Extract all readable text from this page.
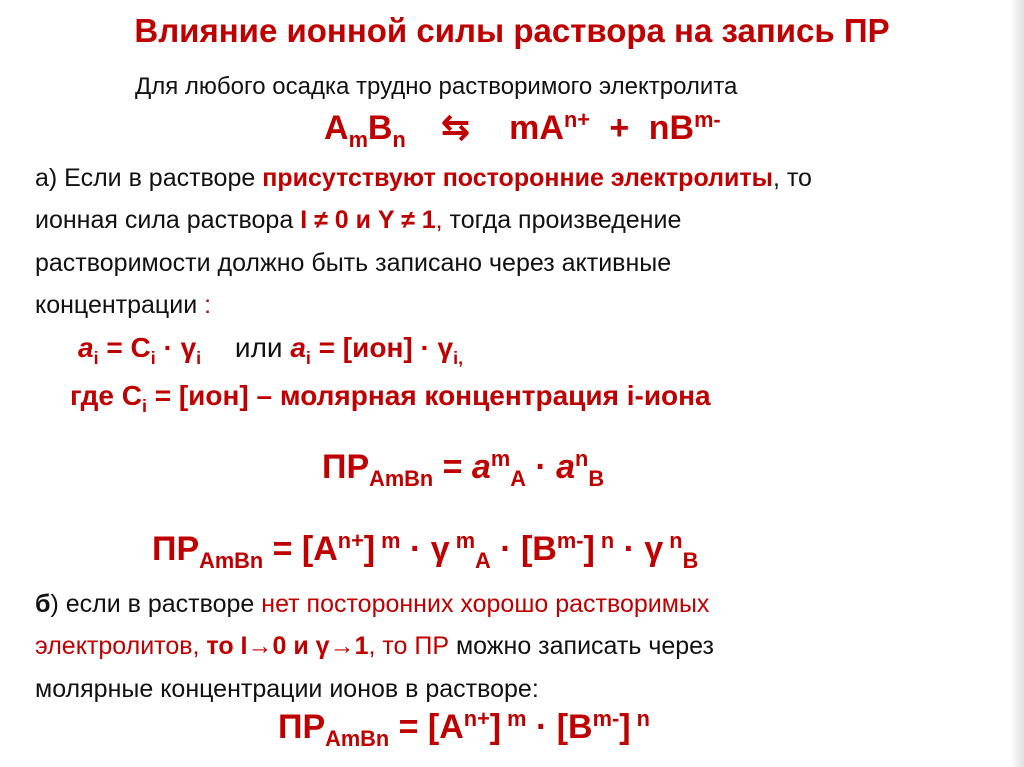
Влияние ионной силы раствора на запись ПР
Для любого осадка трудно растворимого электролита
$A_mB_n$ ⇆ $mA^{n+} + nB^{m-}$
а) Если в растворе присутствуют посторонние электролиты, то
ионная сила раствора I ≠ 0 и Y ≠ 1, тогда произведение
растворимости должно быть записано через активные
концентрации :
$a_i = C_i \cdot \gamma_i$ или $a_i = [ион] \cdot \gamma_{i,}$
где $C_i = [ион]$ – молярная концентрация i-иона
$ПР_{AmBn} = a^m_A \cdot a^n_B$
$ПР_{AmBn} = [A^{n+}] ^m \cdot \gamma$ $^m_A \cdot [B^{m-}] ^n \cdot \gamma$ $^n_B$
б) если в растворе нет посторонних хорошо растворимых
электролитов, то I→0 и γ→1, то ПР можно записать через
молярные концентрации ионов в растворе:
$ПР_{AmBn} = [A^{n+}] ^m \cdot [B^{m-}]$ $^n$
